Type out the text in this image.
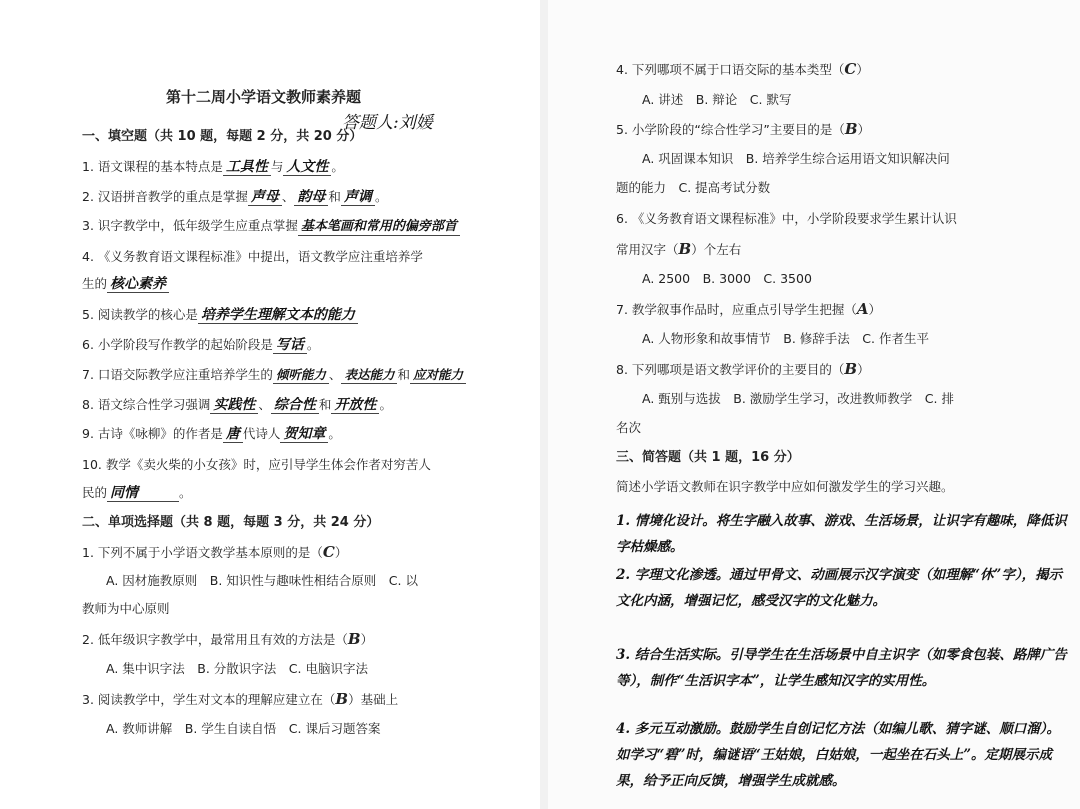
第十二周小学语文教师素养题
答题人:刘媛
一、填空题（共 10 题，每题 2 分，共 20 分）
1. 语文课程的基本特点是 工具性 与 人文性 。
2. 汉语拼音教学的重点是掌握 声母 、 韵母 和 声调 。
3. 识字教学中，低年级学生应重点掌握 基本笔画和常用的偏旁部首
4. 《义务教育语文课程标准》中提出，语文教学应注重培养学
生的 核心素养
5. 阅读教学的核心是 培养学生理解文本的能力
6. 小学阶段写作教学的起始阶段是 写话 。
7. 口语交际教学应注重培养学生的 倾听能力 、 表达能力 和 应对能力
8. 语文综合性学习强调 实践性 、 综合性 和 开放性 。
9. 古诗《咏柳》的作者是 唐 代诗人 贺知章 。
10. 教学《卖火柴的小女孩》时，应引导学生体会作者对穷苦人
民的 同情	。
二、单项选择题（共 8 题，每题 3 分，共 24 分）
1. 下列不属于小学语文教学基本原则的是（C）
A. 因材施教原则　B. 知识性与趣味性相结合原则　C. 以
教师为中心原则
2. 低年级识字教学中，最常用且有效的方法是（B）
A. 集中识字法　B. 分散识字法　C. 电脑识字法
3. 阅读教学中，学生对文本的理解应建立在（B）基础上
A. 教师讲解　B. 学生自读自悟　C. 课后习题答案
4. 下列哪项不属于口语交际的基本类型（C）
A. 讲述　B. 辩论　C. 默写
5. 小学阶段的“综合性学习”主要目的是（B）
A. 巩固课本知识　B. 培养学生综合运用语文知识解决问
题的能力　C. 提高考试分数
6. 《义务教育语文课程标准》中，小学阶段要求学生累计认识
常用汉字（B）个左右
A. 2500　B. 3000　C. 3500
7. 教学叙事作品时，应重点引导学生把握（A）
A. 人物形象和故事情节　B. 修辞手法　C. 作者生平
8. 下列哪项是语文教学评价的主要目的（B）
A. 甄别与选拔　B. 激励学生学习，改进教师教学　C. 排
名次
三、简答题（共 1 题，16 分）
简述小学语文教师在识字教学中应如何激发学生的学习兴趣。
1. 情境化设计。将生字融入故事、游戏、生活场景，让识字有趣味，降低识字枯燥感。
2. 字理文化渗透。通过甲骨文、动画展示汉字演变（如理解“休”字），揭示文化内涵，增强记忆，感受汉字的文化魅力。
3. 结合生活实际。引导学生在生活场景中自主识字（如零食包装、路牌广告等），制作“生活识字本”，让学生感知汉字的实用性。
4. 多元互动激励。鼓励学生自创记忆方法（如编儿歌、猜字谜、顺口溜）。如学习“碧”时，编谜语“王姑娘，白姑娘，一起坐在石头上”。定期展示成果，给予正向反馈，增强学生成就感。
